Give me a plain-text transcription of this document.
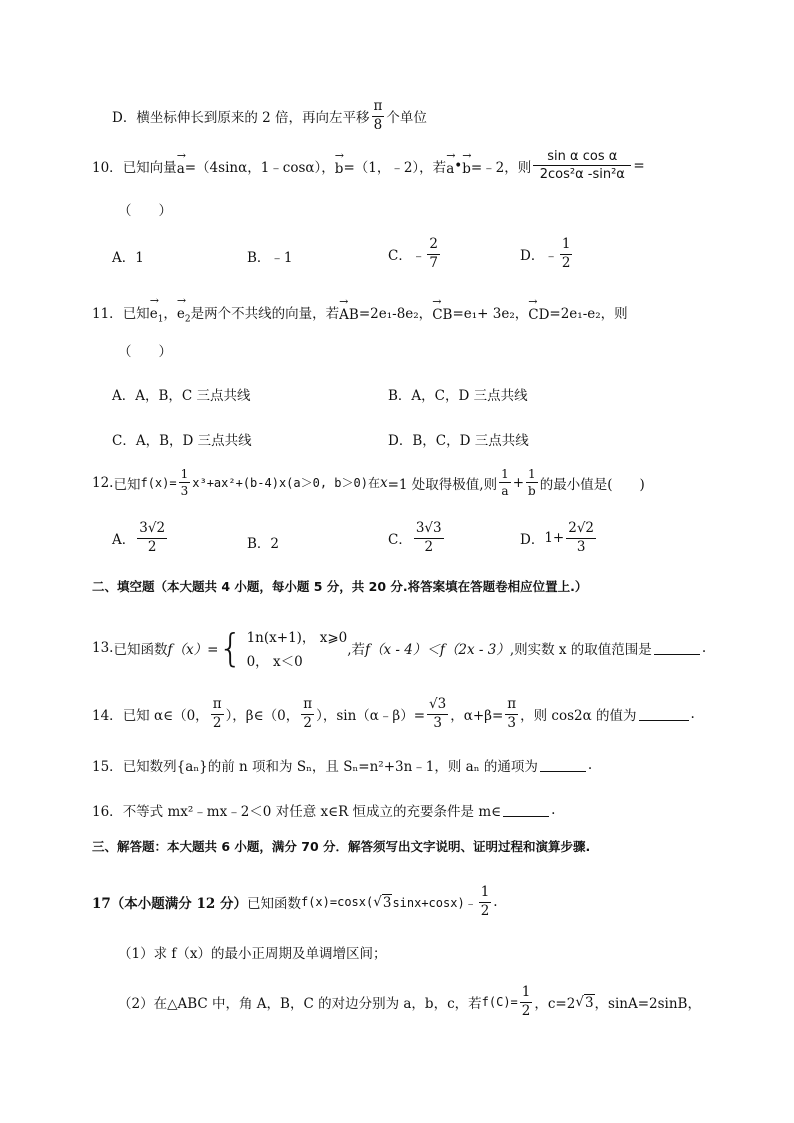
D．横坐标伸长到原来的 2 倍，再向左平移 $\frac{\pi}{8}$ 个单位
10． 已知向量 → a =（4sinα，1﹣cosα）， → b =（1，﹣2），若 → a • → b =﹣2，则 $\frac{\text{sin α cos α}}{\text{2cos²α ‑sin²α}}$ =
（　　）
A．1	B．﹣1	C． ﹣ $\frac{2}{7}$	D． ﹣ $\frac{1}{2}$
11． 已知 → $e_1$ ， → $e_2$ 是两个不共线的向量，若 → AB =2e₁‑8e₂， → CB =e₁+ 3e₂， → CD =2e₁‑e₂，则
（　　）
A．A，B，C 三点共线	B．A，C，D 三点共线
C．A，B，D 三点共线	D．B，C，D 三点共线
12. 已知 $f(x)= \frac{1}{3} x^3+ax^2+(b-4)x(a>0$, b＞0)在 x =1 处取得极值,则 $\frac{1}{a} + \frac{1}{b}$ 的最小值是(　　)
A． $\frac{3√2}{2}$	B．2	C． $\frac{3√3}{2}$	D． $1+ \frac{2√2}{3}$
二、填空题（本大题共 4 小题，每小题 5 分，共 20 分.将答案填在答题卷相应位置上.）
13. 已知函数 f（x）= { 1n(x+1)， x⩾0
0， x＜0
,若 f（x - 4）＜f（2x - 3） ,则实数 x 的取值范围是	.
14． 已知 α∈（0， $\frac{\pi}{2}$ ），β∈（0， $\frac{\pi}{2}$ ），sin（α﹣β）= $\frac{√3}{3}$ ，$\alpha+\beta= \frac{\pi}{3}$ ，则 cos2α 的值为	.
15． 已知数列{aₙ}的前 n 项和为 Sₙ，且 Sₙ=n²+3n﹣1，则 aₙ 的通项为	.
16． 不等式 mx²﹣mx﹣2＜0 对任意 x∈R 恒成立的充要条件是 m∈	.
三、解答题：本大题共 6 小题，满分 70 分．解答须写出文字说明、证明过程和演算步骤.
17（本小题满分 12 分） 已知函数 f(x)=cosx( √ 3 sinx+cosx)﹣ $\frac{1}{2}$ .
（1）求 f（x）的最小正周期及单调增区间；
（2）在△ABC 中，角 A，B，C 的对边分别为 a，b，c，若 $f(C)= \frac{1}{2}$ ，c=2 √ 3 ，sinA=2sinB，
